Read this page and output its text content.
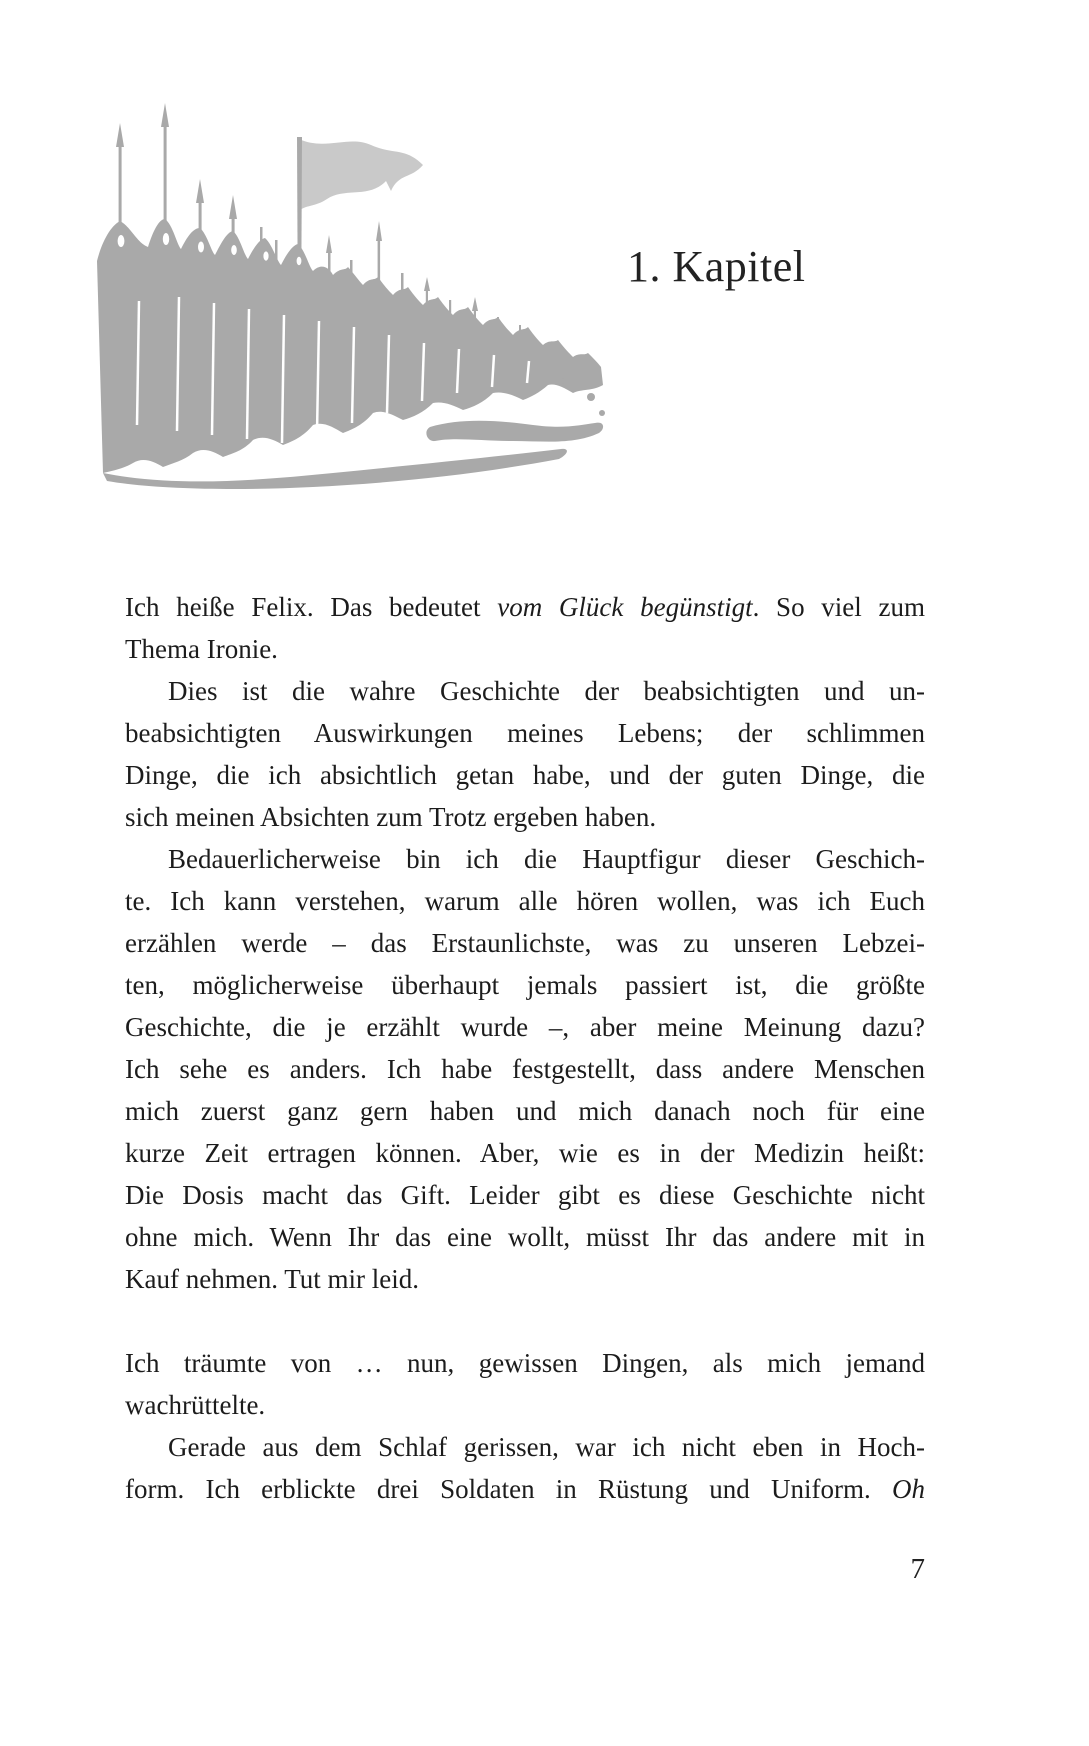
1. Kapitel
Ich heiße Felix. Das bedeutet vom Glück begünstigt. So viel zum
Thema Ironie.
Dies ist die wahre Geschichte der beabsichtigten und un-
beabsichtigten Auswirkungen meines Lebens; der schlimmen
Dinge, die ich absichtlich getan habe, und der guten Dinge, die
sich meinen Absichten zum Trotz ergeben haben.
Bedauerlicherweise bin ich die Hauptfigur dieser Geschich-
te. Ich kann verstehen, warum alle hören wollen, was ich Euch
erzählen werde – das Erstaunlichste, was zu unseren Lebzei-
ten, möglicherweise überhaupt jemals passiert ist, die größte
Geschichte, die je erzählt wurde –, aber meine Meinung dazu?
Ich sehe es anders. Ich habe festgestellt, dass andere Menschen
mich zuerst ganz gern haben und mich danach noch für eine
kurze Zeit ertragen können. Aber, wie es in der Medizin heißt:
Die Dosis macht das Gift. Leider gibt es diese Geschichte nicht
ohne mich. Wenn Ihr das eine wollt, müsst Ihr das andere mit in
Kauf nehmen. Tut mir leid.
Ich träumte von … nun, gewissen Dingen, als mich jemand
wachrüttelte.
Gerade aus dem Schlaf gerissen, war ich nicht eben in Hoch-
form. Ich erblickte drei Soldaten in Rüstung und Uniform. Oh
7
